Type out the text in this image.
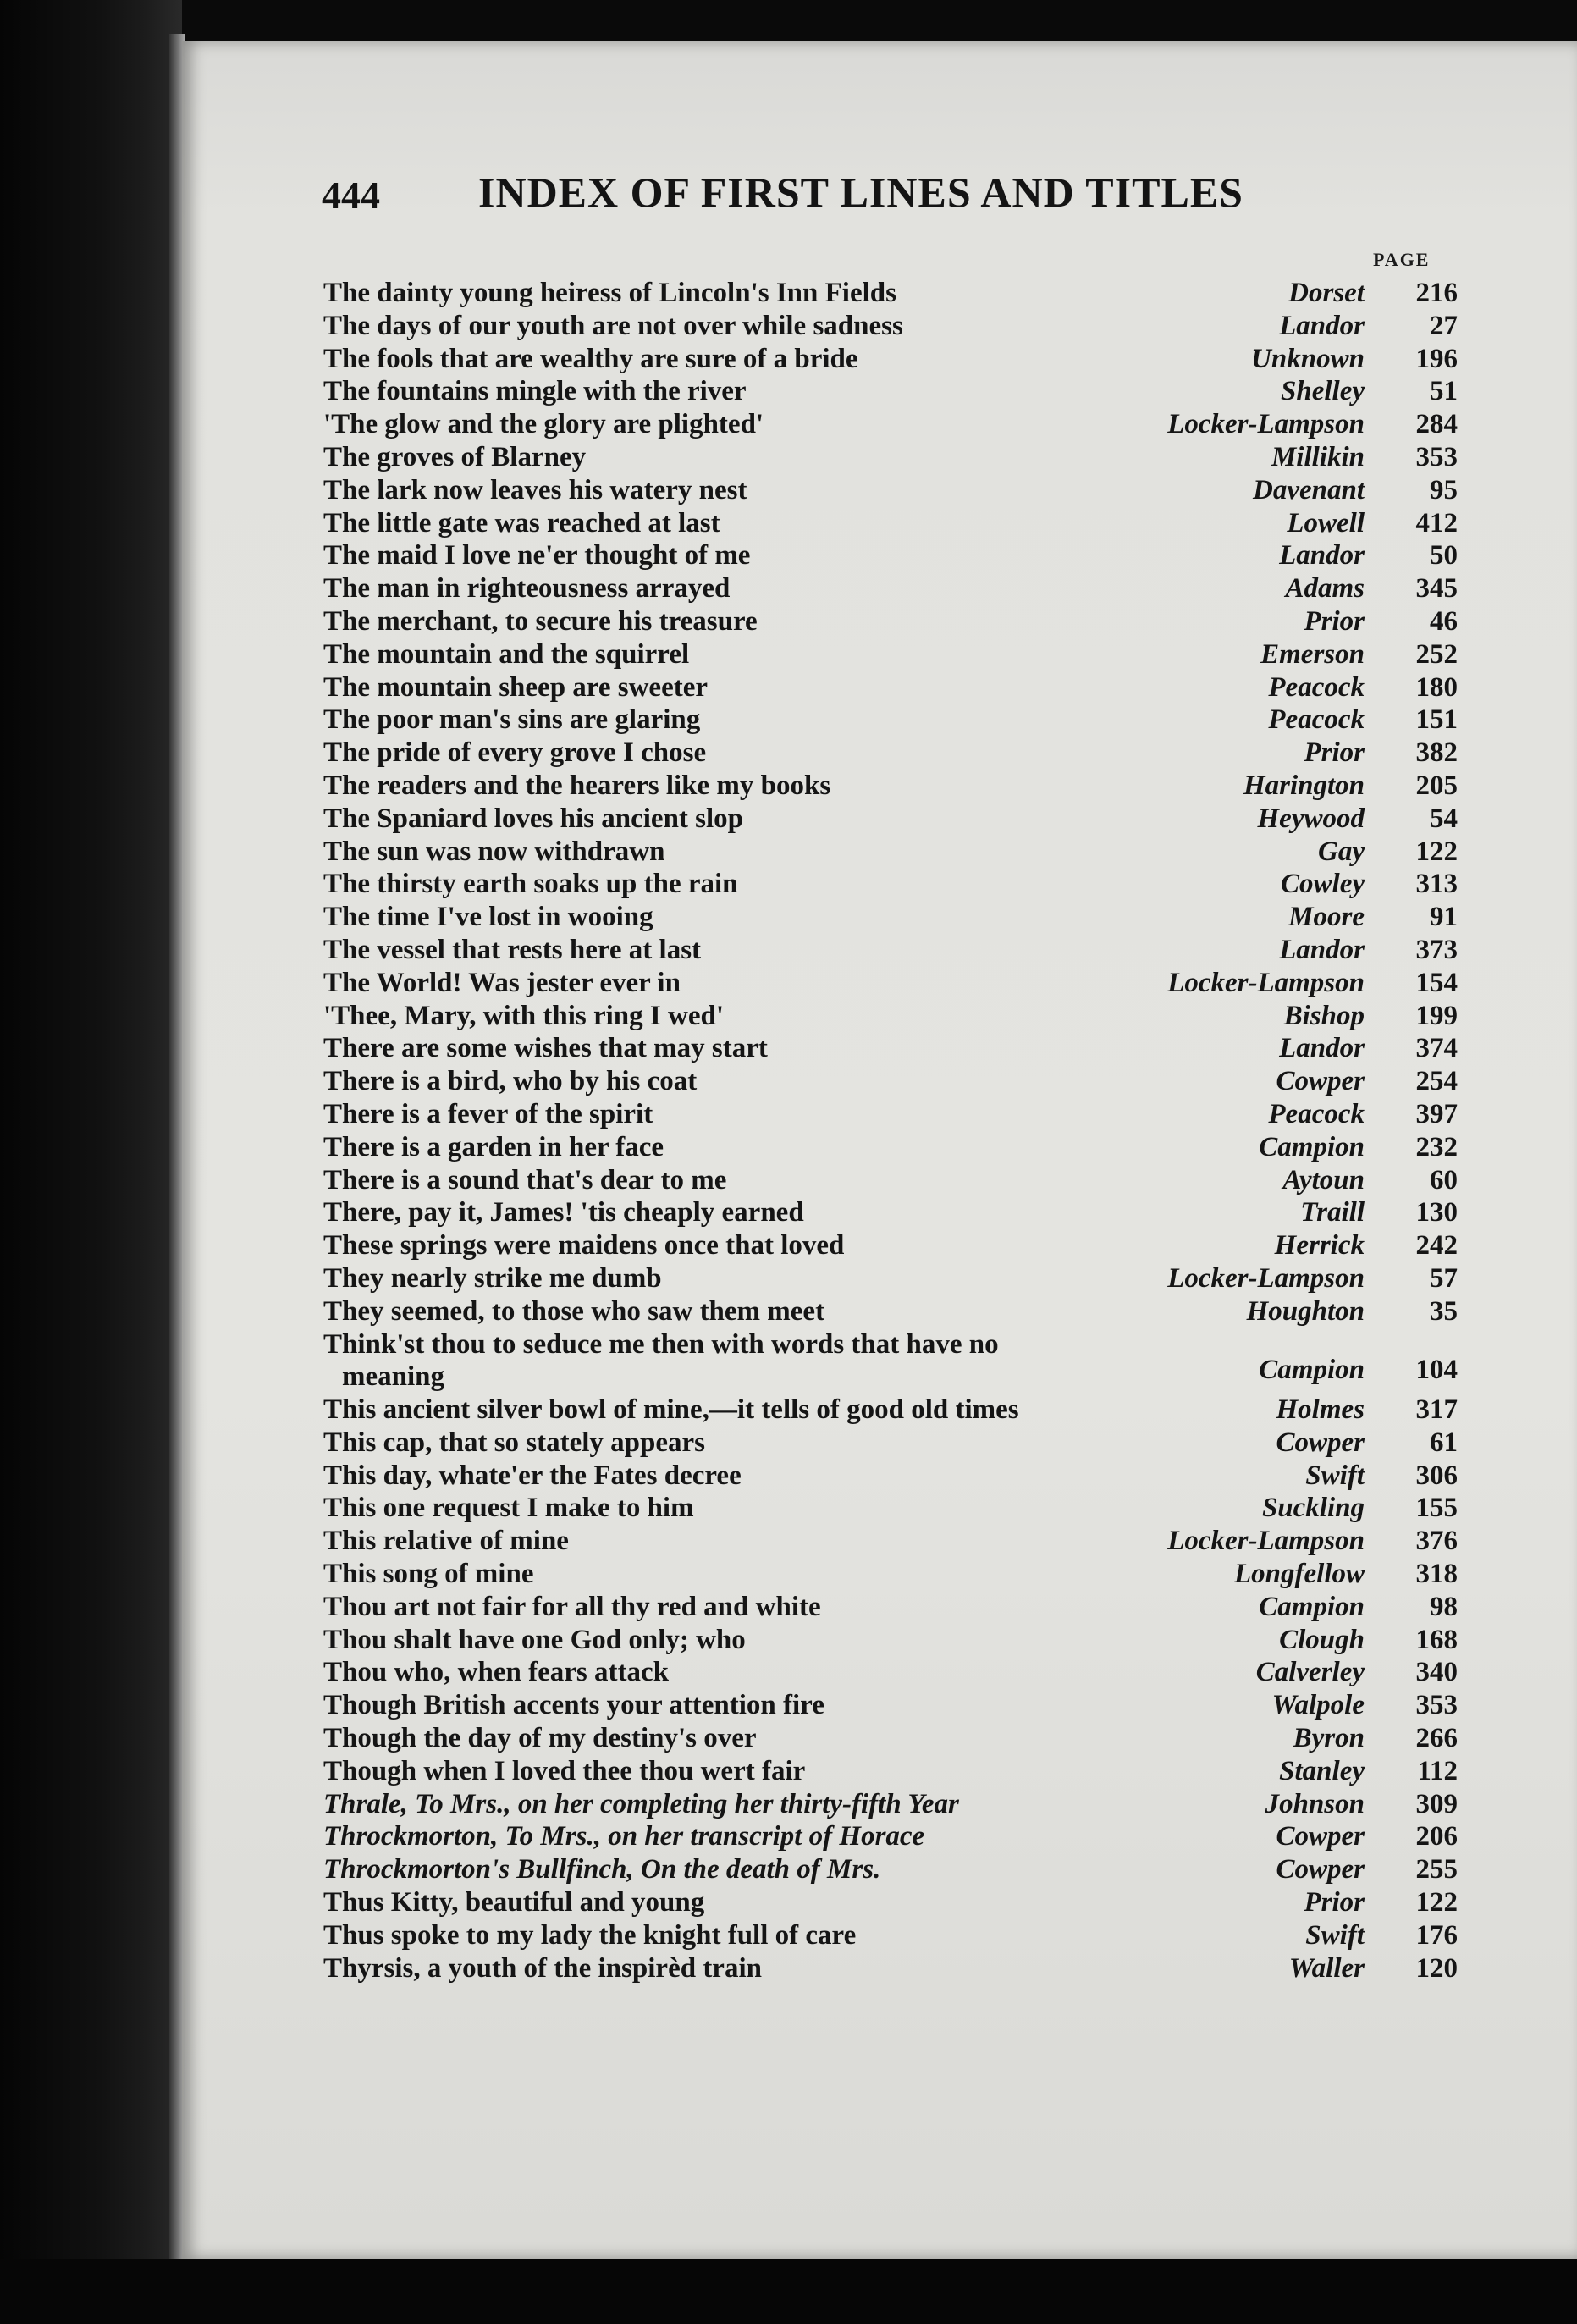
444 INDEX OF FIRST LINES AND TITLES
PAGE
The dainty young heiress of Lincoln's Inn Fields	Dorset	216
The days of our youth are not over while sadness	Landor	27
The fools that are wealthy are sure of a bride	Unknown	196
The fountains mingle with the river	Shelley	51
'The glow and the glory are plighted'	Locker-Lampson	284
The groves of Blarney	Millikin	353
The lark now leaves his watery nest	Davenant	95
The little gate was reached at last	Lowell	412
The maid I love ne'er thought of me	Landor	50
The man in righteousness arrayed	Adams	345
The merchant, to secure his treasure	Prior	46
The mountain and the squirrel	Emerson	252
The mountain sheep are sweeter	Peacock	180
The poor man's sins are glaring	Peacock	151
The pride of every grove I chose	Prior	382
The readers and the hearers like my books	Harington	205
The Spaniard loves his ancient slop	Heywood	54
The sun was now withdrawn	Gay	122
The thirsty earth soaks up the rain	Cowley	313
The time I've lost in wooing	Moore	91
The vessel that rests here at last	Landor	373
The World! Was jester ever in	Locker-Lampson	154
'Thee, Mary, with this ring I wed'	Bishop	199
There are some wishes that may start	Landor	374
There is a bird, who by his coat	Cowper	254
There is a fever of the spirit	Peacock	397
There is a garden in her face	Campion	232
There is a sound that's dear to me	Aytoun	60
There, pay it, James! 'tis cheaply earned	Traill	130
These springs were maidens once that loved	Herrick	242
They nearly strike me dumb	Locker-Lampson	57
They seemed, to those who saw them meet	Houghton	35
Think'st thou to seduce me then with words that have no
meaning	Campion	104
This ancient silver bowl of mine,—it tells of good old times	Holmes	317
This cap, that so stately appears	Cowper	61
This day, whate'er the Fates decree	Swift	306
This one request I make to him	Suckling	155
This relative of mine	Locker-Lampson	376
This song of mine	Longfellow	318
Thou art not fair for all thy red and white	Campion	98
Thou shalt have one God only; who	Clough	168
Thou who, when fears attack	Calverley	340
Though British accents your attention fire	Walpole	353
Though the day of my destiny's over	Byron	266
Though when I loved thee thou wert fair	Stanley	112
Thrale, To Mrs., on her completing her thirty-fifth Year	Johnson	309
Throckmorton, To Mrs., on her transcript of Horace	Cowper	206
Throckmorton's Bullfinch, On the death of Mrs.	Cowper	255
Thus Kitty, beautiful and young	Prior	122
Thus spoke to my lady the knight full of care	Swift	176
Thyrsis, a youth of the inspirèd train	Waller	120
